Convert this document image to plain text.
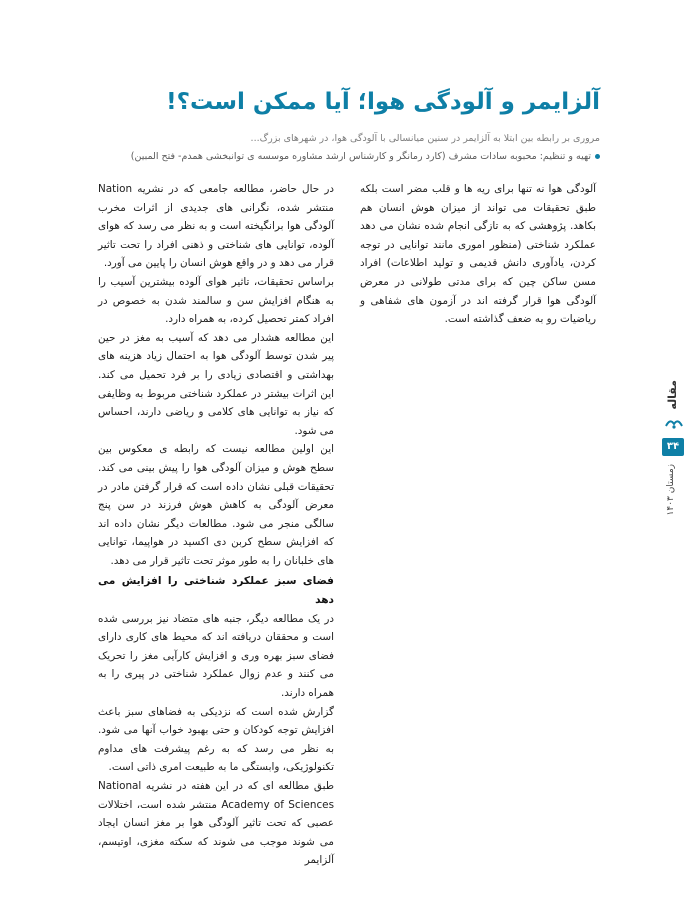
آلزایمر و آلودگی هوا؛ آیا ممکن است؟!
مروری بر رابطه بین ابتلا به آلزایمر در سنین میانسالی با آلودگی هوا، در شهرهای بزرگ...
تهیه و تنظیم: محبوبه سادات مشرف (کارد رمانگر و کارشناس ارشد مشاوره موسسه ی توانبخشی همدم- فتح المبین)

آلودگی هوا نه تنها برای ریه ها و قلب مضر است بلکه طبق تحقیقات می تواند از میزان هوش انسان هم بکاهد. پژوهشی که به تازگی انجام شده نشان می دهد عملکرد شناختی (منظور اموری مانند توانایی در توجه کردن، یادآوری دانش قدیمی و تولید اطلاعات) افراد مسن ساکن چین که برای مدتی طولانی در معرض آلودگی هوا قرار گرفته اند در آزمون های شفاهی و ریاضیات رو به ضعف گذاشته است.

در حال حاضر، مطالعه جامعی که در نشریه Nation منتشر شده، نگرانی های جدیدی از اثرات مخرب آلودگی هوا برانگیخته است و به نظر می رسد که هوای آلوده، توانایی های شناختی و ذهنی افراد را تحت تاثیر قرار می دهد و در واقع هوش انسان را پایین می آورد.

براساس تحقیقات، تاثیر هوای آلوده بیشترین آسیب را به هنگام افزایش سن و سالمند شدن به خصوص در افراد کمتر تحصیل کرده، به همراه دارد.

این مطالعه هشدار می دهد که آسیب به مغز در حین پیر شدن توسط آلودگی هوا به احتمال زیاد هزینه های بهداشتی و اقتصادی زیادی را بر فرد تحمیل می کند. این اثرات بیشتر در عملکرد شناختی مربوط به وظایفی که نیاز به توانایی های کلامی و ریاضی دارند، احساس می شود.

این اولین مطالعه نیست که رابطه ی معکوس بین سطح هوش و میزان آلودگی هوا را پیش بینی می کند. تحقیقات قبلی نشان داده است که قرار گرفتن مادر در معرض آلودگی به کاهش هوش فرزند در سن پنج سالگی منجر می شود. مطالعات دیگر نشان داده اند که افزایش سطح کربن دی اکسید در هواپیما، توانایی های خلبانان را به طور موثر تحت تاثیر قرار می دهد.

فضای سبز عملکرد شناختی را افزایش می دهد

در یک مطالعه دیگر، جنبه های متضاد نیز بررسی شده است و محققان دریافته اند که محیط های کاری دارای فضای سبز بهره وری و افزایش کارآیی مغز را تحریک می کنند و عدم زوال عملکرد شناختی در پیری را به همراه دارند.

گزارش شده است که نزدیکی به فضاهای سبز باعث افزایش توجه کودکان و حتی بهبود خواب آنها می شود. به نظر می رسد که به رغم پیشرفت های مداوم تکنولوژیکی، وابستگی ما به طبیعت امری ذاتی است.

طبق مطالعه ای که در این هفته در نشریه National Academy of Sciences منتشر شده است، اختلالات عصبی که تحت تاثیر آلودگی هوا بر مغز انسان ایجاد می شوند موجب می شوند که سکته مغزی، اوتیسم، آلزایمر

مقاله
۳۴
زمستان ۱۴۰۳
